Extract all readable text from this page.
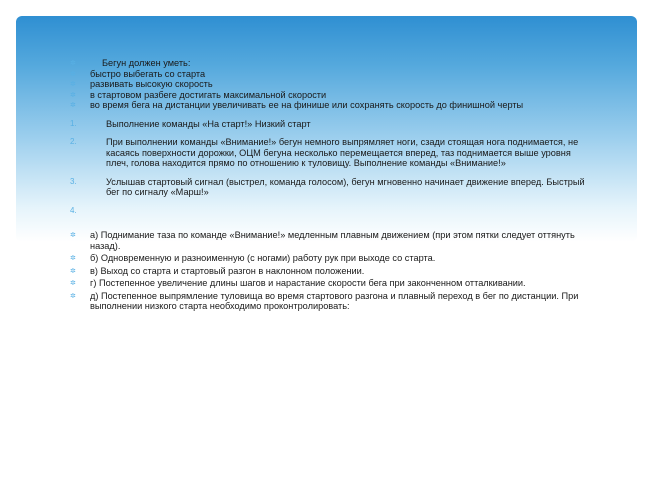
✲	Бегун должен уметь:

✲	быстро выбегать со старта

✲	развивать высокую скорость

✲	в стартовом разбеге достигать максимальной скорости

✲	во время бега на дистанции увеличивать ее на финише или сохранять скорость до финишной черты

1.	Выполнение команды «На старт!» Низкий старт

2.	При выполнении команды «Внимание!» бегун немного выпрямляет ноги, сзади стоящая нога поднимается, не касаясь поверхности дорожки, ОЦМ бегуна несколько перемещается вперед, таз поднимается выше уровня плеч, голова находится прямо по отношению к туловищу. Выполнение команды «Внимание!»

3.	Услышав стартовый сигнал (выстрел, команда голосом), бегун мгновенно начинает движение вперед. Быстрый бег по сигналу «Марш!»

4.

✲	а) Поднимание таза по команде «Внимание!» медленным плавным движением (при этом пятки следует оттянуть назад).

✲	б) Одновременную и разноименную (с ногами) работу рук при выходе со старта.

✲	в) Выход со старта и стартовый разгон в наклонном положении.

✲	г) Постепенное увеличение длины шагов и нарастание скорости бега при законченном отталкивании.

✲	д) Постепенное выпрямление туловища во время стартового разгона и плавный переход в бег по дистанции. При выполнении низкого старта необходимо проконтролировать:
